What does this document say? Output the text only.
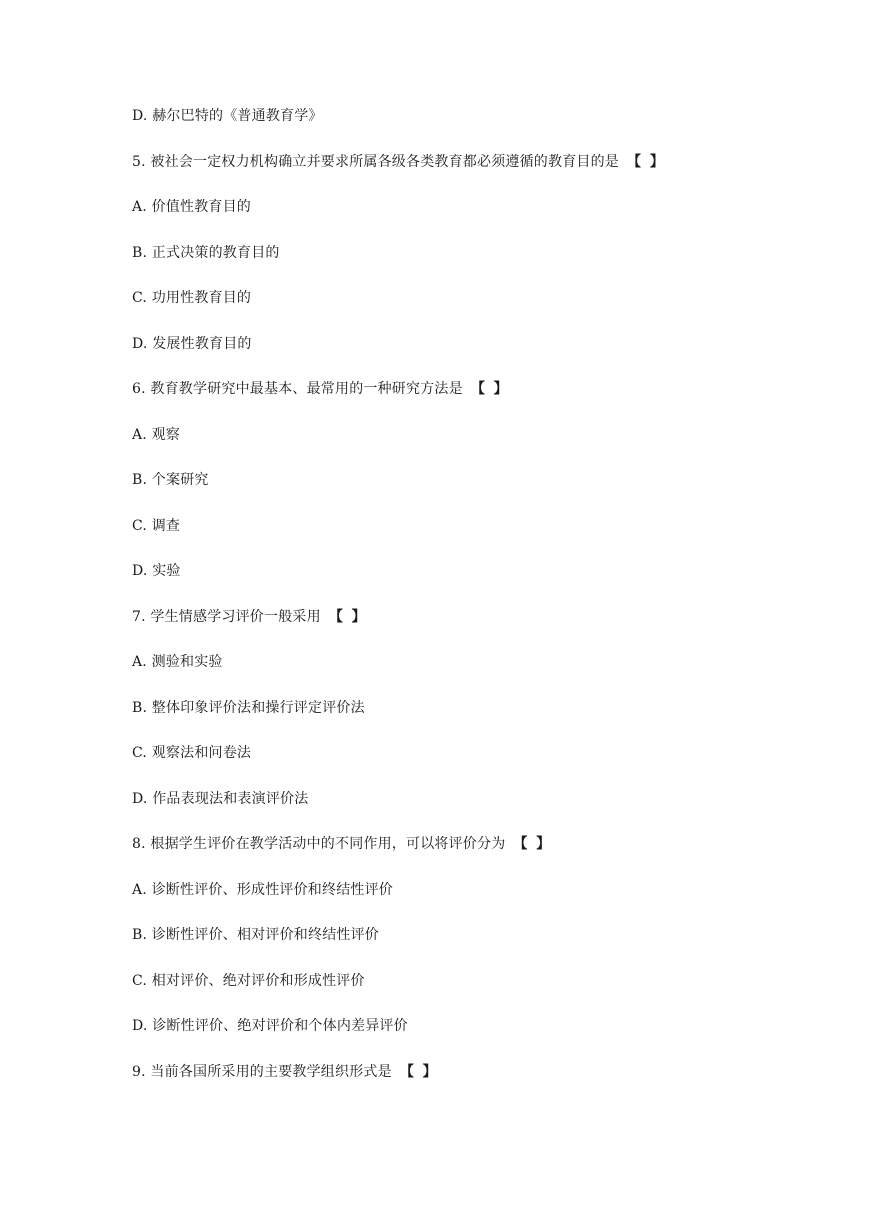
D. 赫尔巴特的《普通教育学》
5. 被社会一定权力机构确立并要求所属各级各类教育都必须遵循的教育目的是 【 】
A. 价值性教育目的
B. 正式决策的教育目的
C. 功用性教育目的
D. 发展性教育目的
6. 教育教学研究中最基本、最常用的一种研究方法是 【 】
A. 观察
B. 个案研究
C. 调查
D. 实验
7. 学生情感学习评价一般采用 【 】
A. 测验和实验
B. 整体印象评价法和操行评定评价法
C. 观察法和问卷法
D. 作品表现法和表演评价法
8. 根据学生评价在教学活动中的不同作用，可以将评价分为 【 】
A. 诊断性评价、形成性评价和终结性评价
B. 诊断性评价、相对评价和终结性评价
C. 相对评价、绝对评价和形成性评价
D. 诊断性评价、绝对评价和个体内差异评价
9. 当前各国所采用的主要教学组织形式是 【 】
